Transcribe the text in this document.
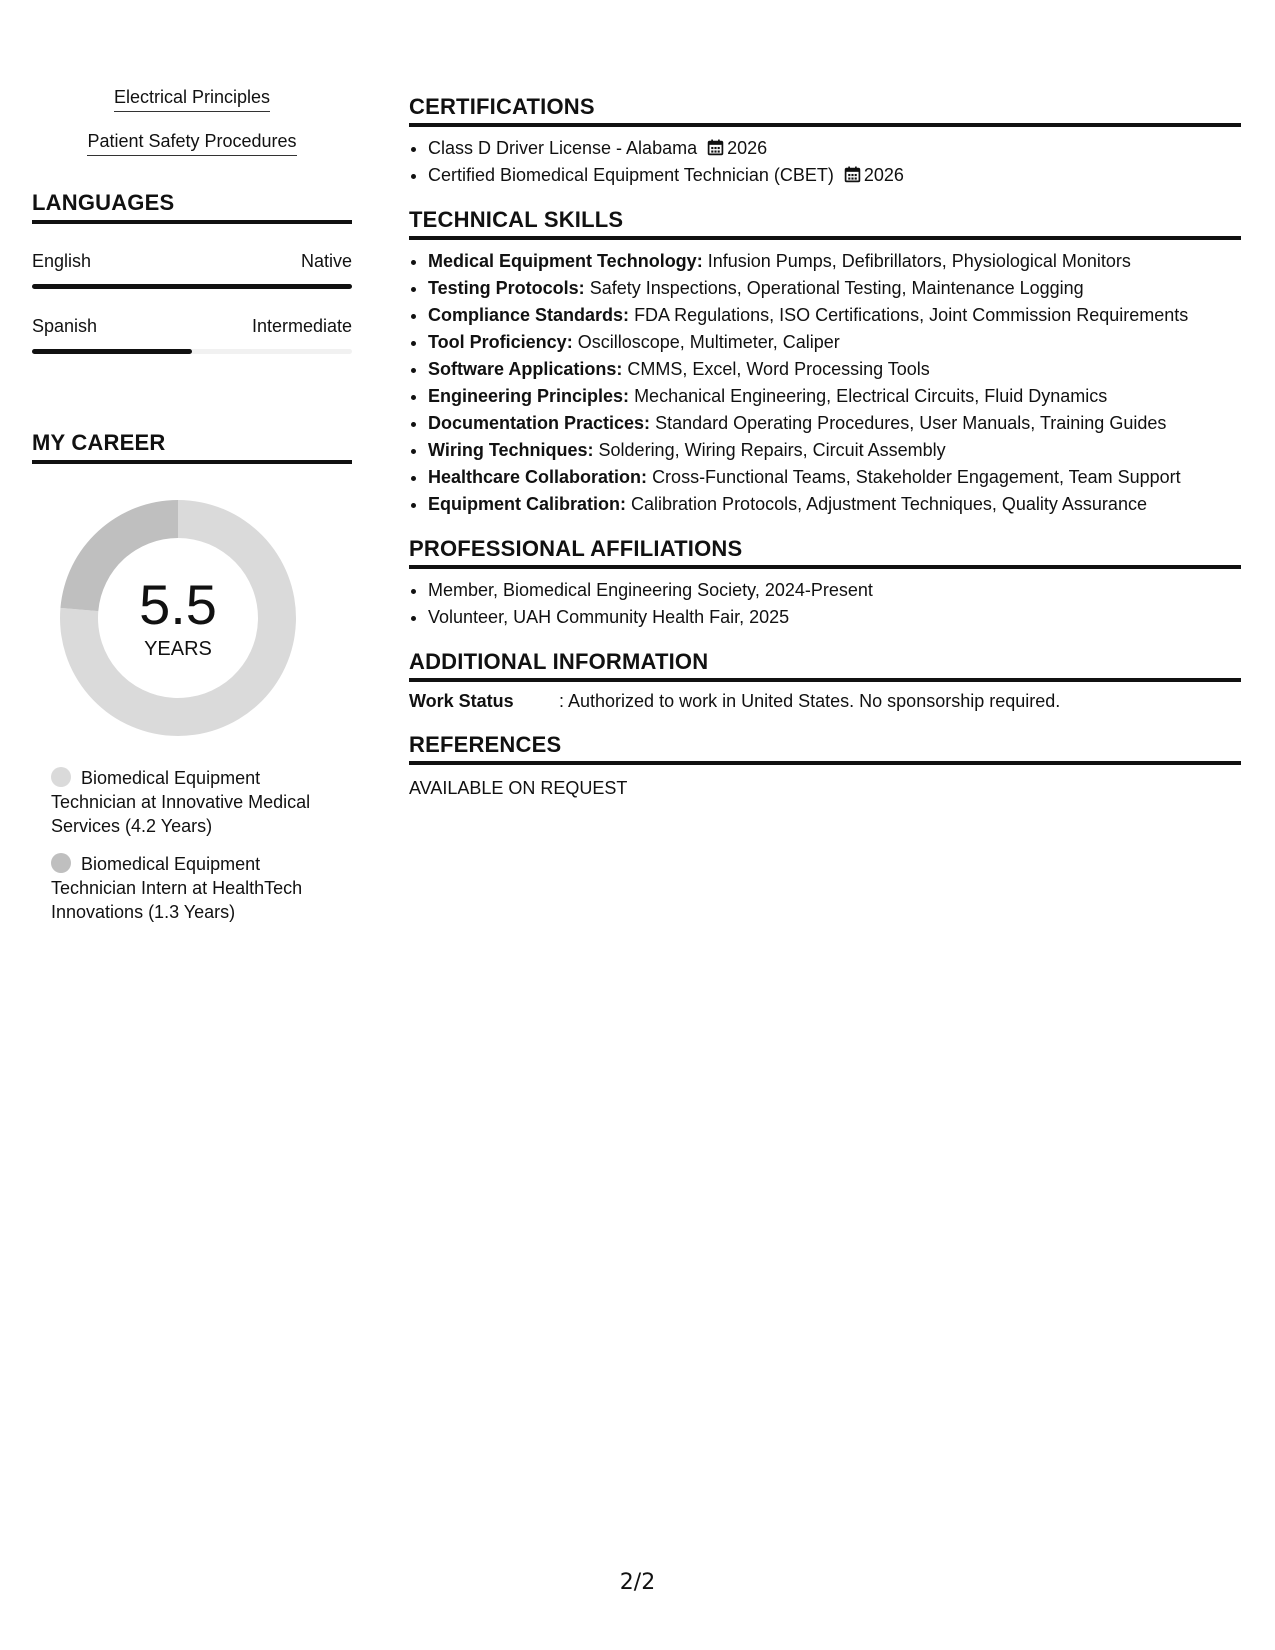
Electrical Principles
Patient Safety Procedures
LANGUAGES
English	Native
Spanish	Intermediate
MY CAREER
5.5
YEARS
Biomedical Equipment Technician at Innovative Medical Services (4.2 Years)
Biomedical Equipment Technician Intern at HealthTech Innovations (1.3 Years)
CERTIFICATIONS
• Class D Driver License - Alabama 2026
• Certified Biomedical Equipment Technician (CBET) 2026
TECHNICAL SKILLS
• Medical Equipment Technology: Infusion Pumps, Defibrillators, Physiological Monitors
• Testing Protocols: Safety Inspections, Operational Testing, Maintenance Logging
• Compliance Standards: FDA Regulations, ISO Certifications, Joint Commission Requirements
• Tool Proficiency: Oscilloscope, Multimeter, Caliper
• Software Applications: CMMS, Excel, Word Processing Tools
• Engineering Principles: Mechanical Engineering, Electrical Circuits, Fluid Dynamics
• Documentation Practices: Standard Operating Procedures, User Manuals, Training Guides
• Wiring Techniques: Soldering, Wiring Repairs, Circuit Assembly
• Healthcare Collaboration: Cross-Functional Teams, Stakeholder Engagement, Team Support
• Equipment Calibration: Calibration Protocols, Adjustment Techniques, Quality Assurance
PROFESSIONAL AFFILIATIONS
• Member, Biomedical Engineering Society, 2024-Present
• Volunteer, UAH Community Health Fair, 2025
ADDITIONAL INFORMATION
Work Status	: Authorized to work in United States. No sponsorship required.
REFERENCES
AVAILABLE ON REQUEST
2/2
